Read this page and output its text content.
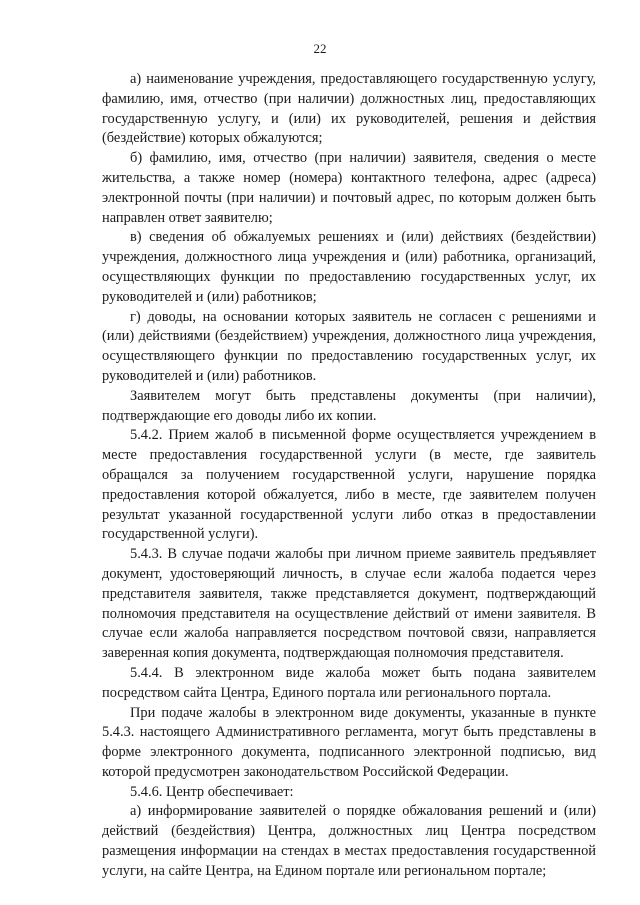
22

а) наименование учреждения, предоставляющего государственную услугу, фамилию, имя, отчество (при наличии) должностных лиц, предоставляющих государственную услугу, и (или) их руководителей, решения и действия (бездействие) которых обжалуются;

б) фамилию, имя, отчество (при наличии) заявителя, сведения о месте жительства, а также номер (номера) контактного телефона, адрес (адреса) электронной почты (при наличии) и почтовый адрес, по которым должен быть направлен ответ заявителю;

в) сведения об обжалуемых решениях и (или) действиях (бездействии) учреждения, должностного лица учреждения и (или) работника, организаций, осуществляющих функции по предоставлению государственных услуг, их руководителей и (или) работников;

г) доводы, на основании которых заявитель не согласен с решениями и (или) действиями (бездействием) учреждения, должностного лица учреждения, осуществляющего функции по предоставлению государственных услуг, их руководителей и (или) работников.

Заявителем могут быть представлены документы (при наличии), подтверждающие его доводы либо их копии.

5.4.2. Прием жалоб в письменной форме осуществляется учреждением в месте предоставления государственной услуги (в месте, где заявитель обращался за получением государственной услуги, нарушение порядка предоставления которой обжалуется, либо в месте, где заявителем получен результат указанной государственной услуги либо отказ в предоставлении государственной услуги).

5.4.3. В случае подачи жалобы при личном приеме заявитель предъявляет документ, удостоверяющий личность, в случае если жалоба подается через представителя заявителя, также представляется документ, подтверждающий полномочия представителя на осуществление действий от имени заявителя. В случае если жалоба направляется посредством почтовой связи, направляется заверенная копия документа, подтверждающая полномочия представителя.

5.4.4. В электронном виде жалоба может быть подана заявителем посредством сайта Центра, Единого портала или регионального портала.

При подаче жалобы в электронном виде документы, указанные в пункте 5.4.3. настоящего Административного регламента, могут быть представлены в форме электронного документа, подписанного электронной подписью, вид которой предусмотрен законодательством Российской Федерации.

5.4.6. Центр обеспечивает:

а) информирование заявителей о порядке обжалования решений и (или) действий (бездействия) Центра, должностных лиц Центра посредством размещения информации на стендах в местах предоставления государственной услуги, на сайте Центра, на Едином портале или региональном портале;
